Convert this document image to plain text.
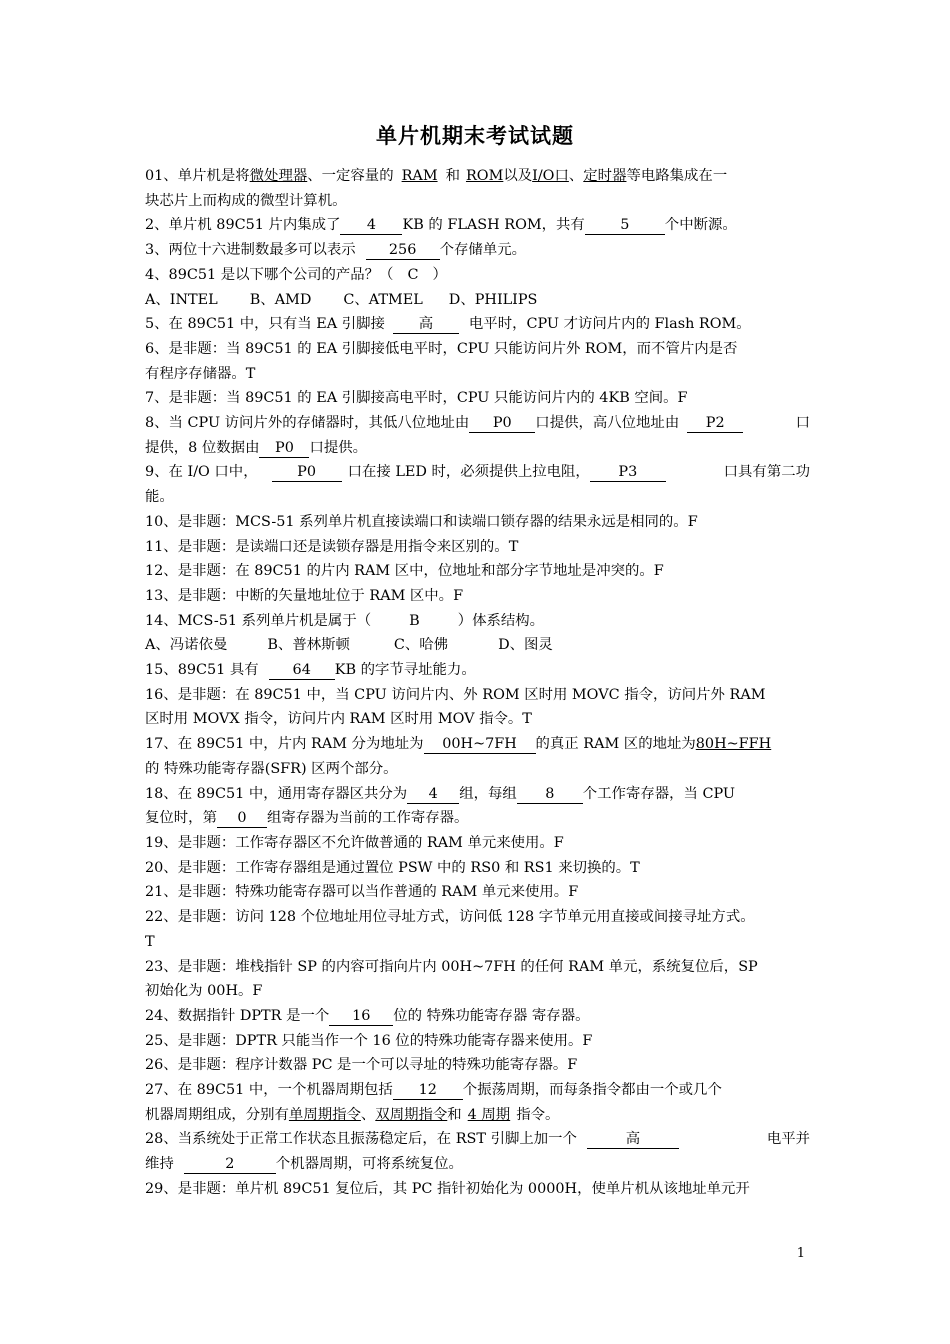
单片机期末考试试题
01、单片机是将微处理器、一定容量的 RAM 和 ROM以及I/O口、定时器等电路集成在一
块芯片上而构成的微型计算机。
2、单片机 89C51 片内集成了 4 KB 的 FLASH ROM，共有 5 个中断源。
3、两位十六进制数最多可以表示 256 个存储单元。
4、89C51 是以下哪个公司的产品？（ C ）
A、INTEL B、AMD C、ATMEL D、PHILIPS
5、在 89C51 中，只有当 EA 引脚接 高 电平时，CPU 才访问片内的 Flash ROM。
6、是非题：当 89C51 的 EA 引脚接低电平时，CPU 只能访问片外 ROM，而不管片内是否
有程序存储器。T
7、是非题：当 89C51 的 EA 引脚接高电平时，CPU 只能访问片内的 4KB 空间。F
8、当 CPU 访问片外的存储器时，其低八位地址由 P0 口提供，高八位地址由 P2	口
提供，8 位数据由 P0 口提供。
9、在 I/O 口中，	P0 口在接 LED 时，必须提供上拉电阻， P3	口具有第二功
能。
10、是非题：MCS-51 系列单片机直接读端口和读端口锁存器的结果永远是相同的。F
11、是非题：是读端口还是读锁存器是用指令来区别的。T
12、是非题：在 89C51 的片内 RAM 区中，位地址和部分字节地址是冲突的。F
13、是非题：中断的矢量地址位于 RAM 区中。F
14、MCS-51 系列单片机是属于（	B	）体系结构。
A、冯诺依曼	B、普林斯顿	C、哈佛	D、图灵
15、89C51 具有 64 KB 的字节寻址能力。
16、是非题：在 89C51 中，当 CPU 访问片内、外 ROM 区时用 MOVC 指令，访问片外 RAM
区时用 MOVX 指令，访问片内 RAM 区时用 MOV 指令。T
17、在 89C51 中，片内 RAM 分为地址为 00H~7FH 的真正 RAM 区的地址为80H~FFH
的 特殊功能寄存器(SFR) 区两个部分。
18、在 89C51 中，通用寄存器区共分为 4 组，每组 8 个工作寄存器，当 CPU
复位时，第 0 组寄存器为当前的工作寄存器。
19、是非题：工作寄存器区不允许做普通的 RAM 单元来使用。F
20、是非题：工作寄存器组是通过置位 PSW 中的 RS0 和 RS1 来切换的。T
21、是非题：特殊功能寄存器可以当作普通的 RAM 单元来使用。F
22、是非题：访问 128 个位地址用位寻址方式，访问低 128 字节单元用直接或间接寻址方式。
T
23、是非题：堆栈指针 SP 的内容可指向片内 00H~7FH 的任何 RAM 单元，系统复位后，SP
初始化为 00H。F
24、数据指针 DPTR 是一个 16 位的 特殊功能寄存器 寄存器。
25、是非题：DPTR 只能当作一个 16 位的特殊功能寄存器来使用。F
26、是非题：程序计数器 PC 是一个可以寻址的特殊功能寄存器。F
27、在 89C51 中，一个机器周期包括 12 个振荡周期，而每条指令都由一个或几个
机器周期组成，分别有单周期指令、双周期指令和 4 周期 指令。
28、当系统处于正常工作状态且振荡稳定后，在 RST 引脚上加一个	高	电平并
维持	2	个机器周期，可将系统复位。
29、是非题：单片机 89C51 复位后，其 PC 指针初始化为 0000H，使单片机从该地址单元开
1
